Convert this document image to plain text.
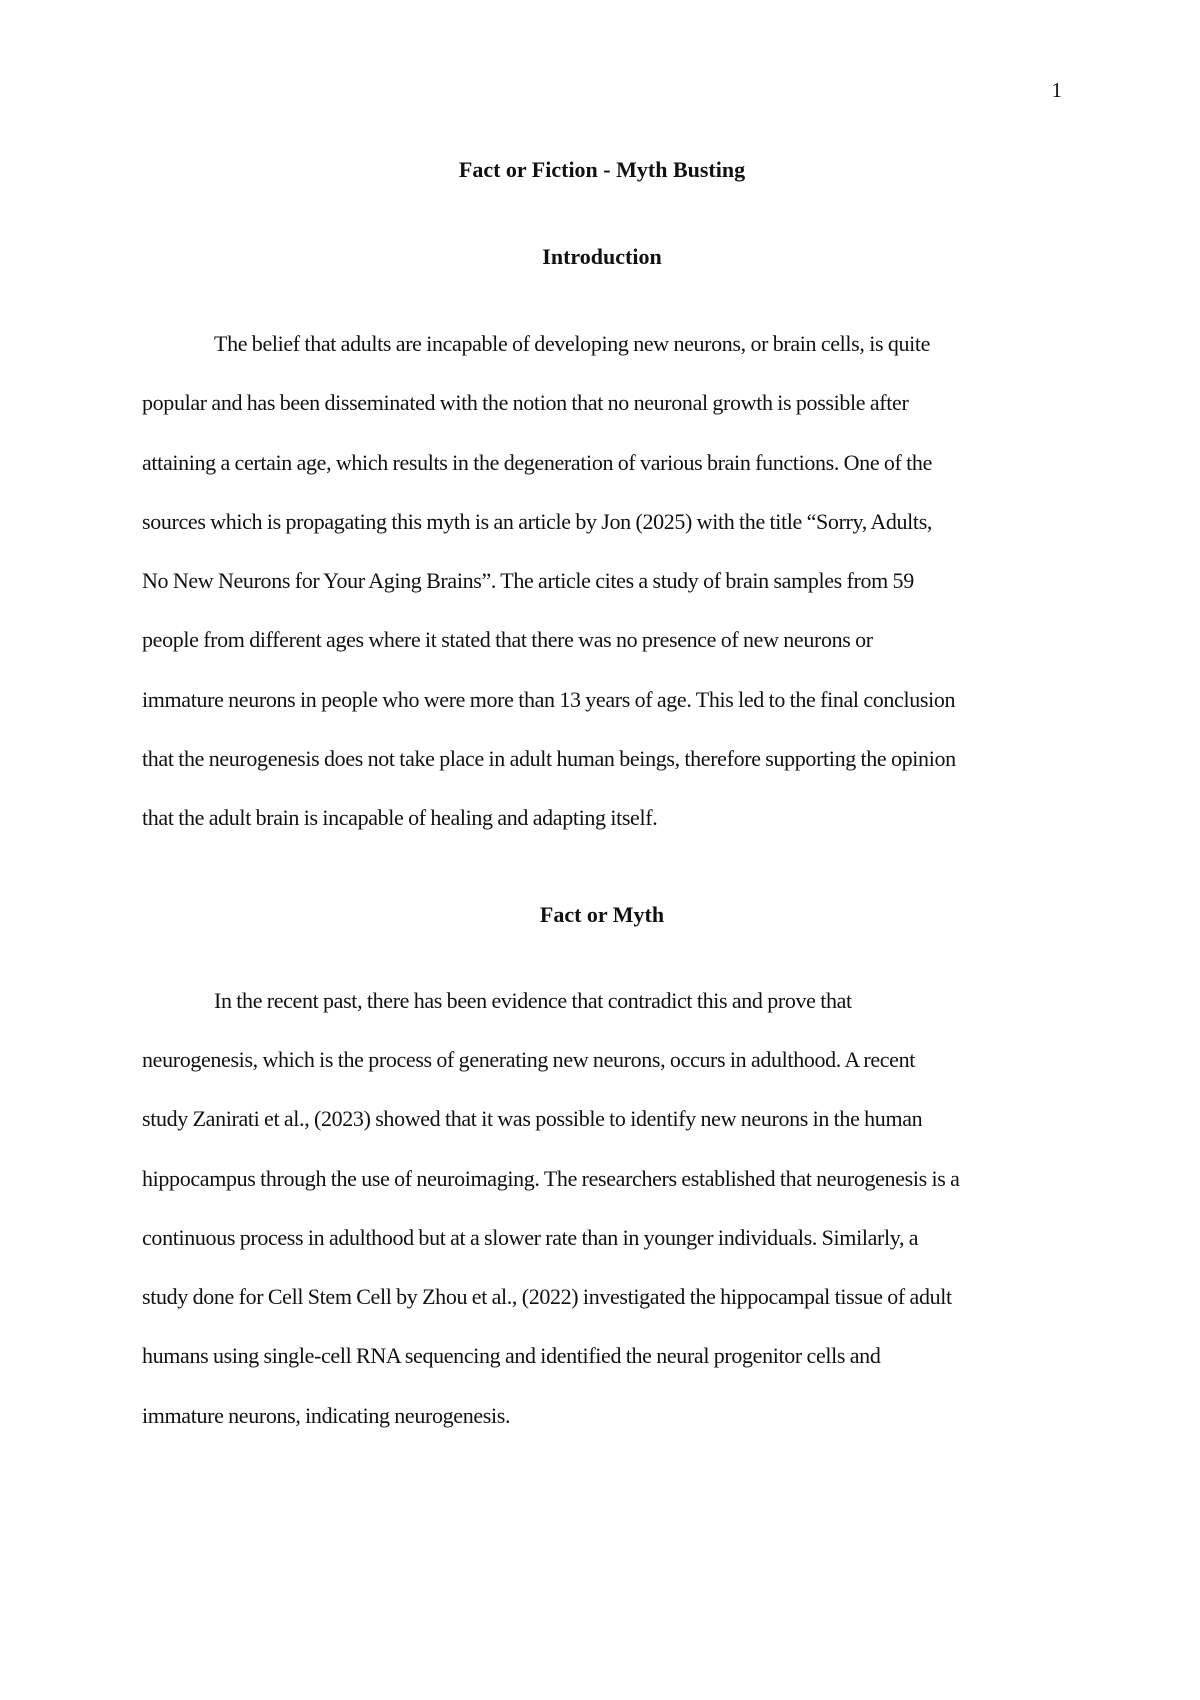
1
Fact or Fiction - Myth Busting
Introduction

The belief that adults are incapable of developing new neurons, or brain cells, is quite
popular and has been disseminated with the notion that no neuronal growth is possible after
attaining a certain age, which results in the degeneration of various brain functions. One of the
sources which is propagating this myth is an article by Jon (2025) with the title “Sorry, Adults,
No New Neurons for Your Aging Brains”. The article cites a study of brain samples from 59
people from different ages where it stated that there was no presence of new neurons or
immature neurons in people who were more than 13 years of age. This led to the final conclusion
that the neurogenesis does not take place in adult human beings, therefore supporting the opinion
that the adult brain is incapable of healing and adapting itself.

Fact or Myth

In the recent past, there has been evidence that contradict this and prove that
neurogenesis, which is the process of generating new neurons, occurs in adulthood. A recent
study Zanirati et al., (2023) showed that it was possible to identify new neurons in the human
hippocampus through the use of neuroimaging. The researchers established that neurogenesis is a
continuous process in adulthood but at a slower rate than in younger individuals. Similarly, a
study done for Cell Stem Cell by Zhou et al., (2022) investigated the hippocampal tissue of adult
humans using single-cell RNA sequencing and identified the neural progenitor cells and
immature neurons, indicating neurogenesis.
